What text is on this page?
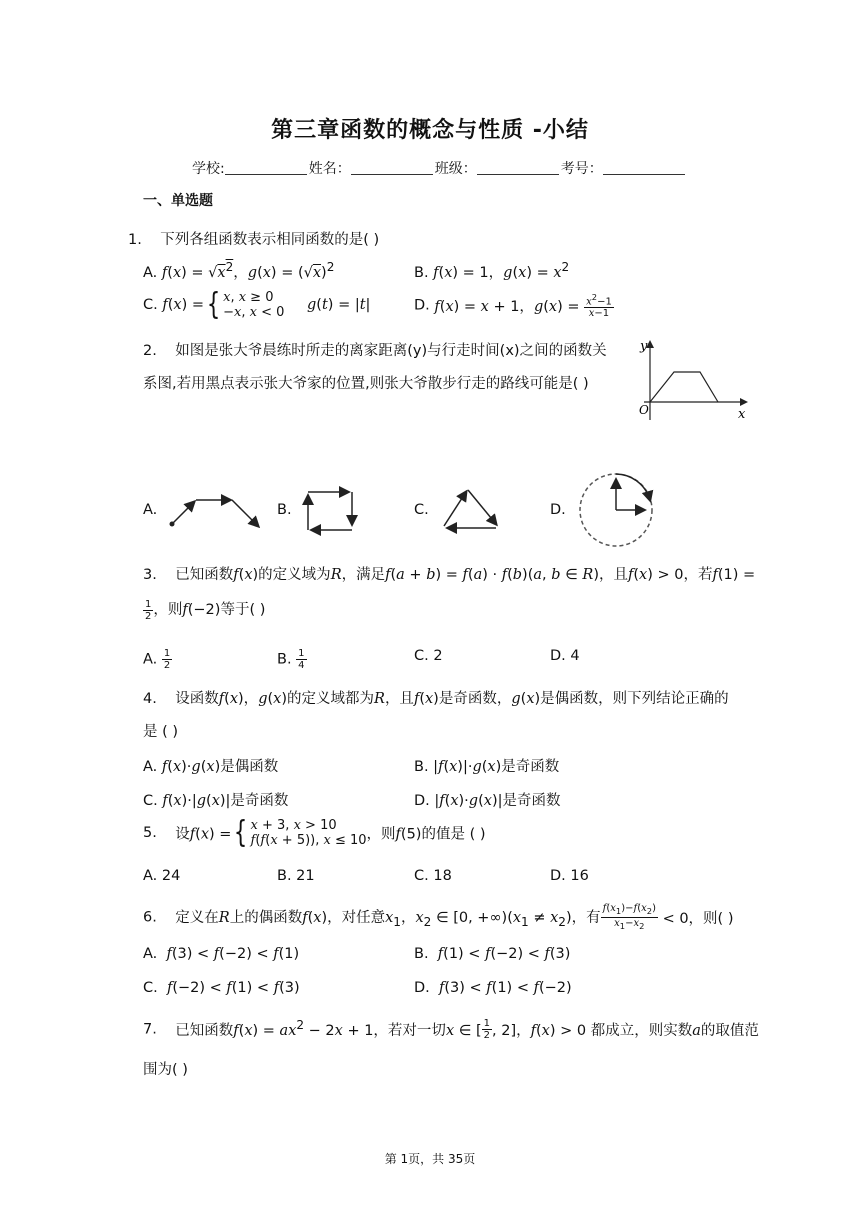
第三章函数的概念与性质 -小结
学校:	姓名：	班级：	考号：
一、单选题
1. 下列各组函数表示相同函数的是( )
A. $f(x) = √x^2$，$g(x) = (√x)^2$	B. f(x) = 1，$g(x) = x^2$
C. f(x) ={ x, x ≥ 0
−x, x < 0 g(t) = |t|	D. f(x) = x + 1，$g(x) = \frac{x^2-1}{x-1}$
2. 如图是张大爷晨练时所走的离家距离(y)与行走时间(x)之间的函数关
系图,若用黑点表示张大爷家的位置,则张大爷散步行走的路线可能是( )
y
x
O
A.	B.	C.	D.
3.    已知函数f(x)的定义域为R，满足f(a + b) = f(a) · f(b)(a, b ∈ R)，且f(x) > 0，若f(1) =
$\frac{1}{2}$ ，则f(−2)等于( )
A. $\frac{1}{2}$	B. $\frac{1}{4}$	C. 2	D. 4
4.    设函数f(x)，g(x)的定义域都为R，且f(x)是奇函数，g(x)是偶函数，则下列结论正确的
是 ( )
A. f(x)·g(x)是偶函数	B. |f(x)|·g(x)是奇函数
C. f(x)·|g(x)|是奇函数	D. |f(x)·g(x)|是奇函数
5. 设f(x) ={ x + 3, x > 10
f(f(x + 5)), x ≤ 10，则f(5)的值是 ( )
A. 24	B. 21	C. 18	D. 16
6. 定义在R上的偶函数f(x)，对任意$x_1$，$x_2$ ∈ [0, $+\infty)(x_1 \ne x_2)$，有 $\frac{f(x_1)-f(x_2)}{x_1-x_2} < 0$，则( )
A.  f(3) < f(−2) < f(1)	B.  f(1) < f(−2) < f(3)
C.  f(−2) < f(1) < f(3)	D.  f(3) < f(1) < f(−2)
7. 已知函数$f(x) = ax^2 - 2x + 1$，若对一切x ∈ [ $\frac{1}{2}$ , 2]，f(x) > 0 都成立，则实数a的取值范
围为( )
第 1页，共 35页
